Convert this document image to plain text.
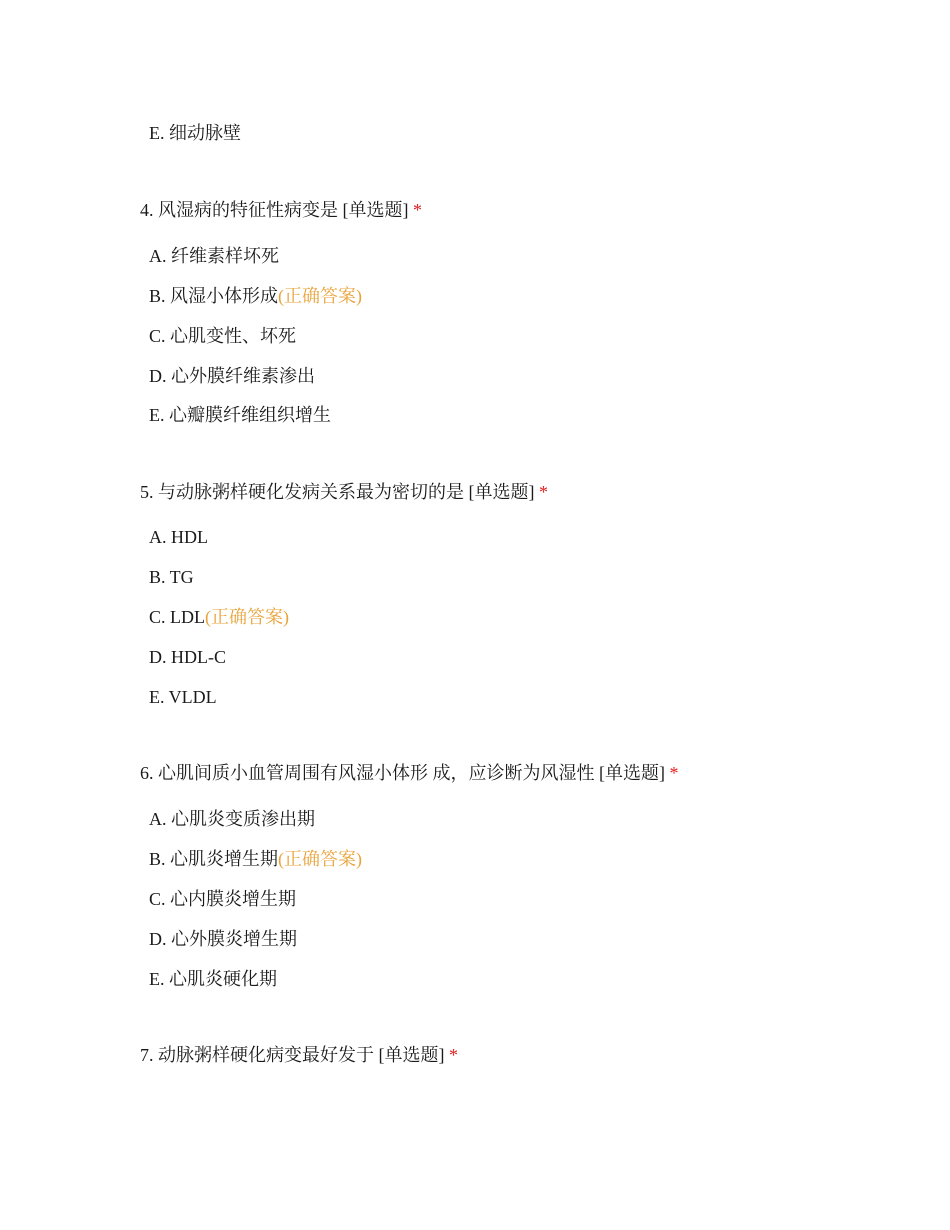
E. 细动脉壁
4. 风湿病的特征性病变是 [单选题] *
A. 纤维素样坏死
B. 风湿小体形成(正确答案)
C. 心肌变性、坏死
D. 心外膜纤维素渗出
E. 心瓣膜纤维组织增生
5. 与动脉粥样硬化发病关系最为密切的是 [单选题] *
A. HDL
B. TG
C. LDL(正确答案)
D. HDL-C
E. VLDL
6. 心肌间质小血管周围有风湿小体形 成，应诊断为风湿性 [单选题] *
A. 心肌炎变质渗出期
B. 心肌炎增生期(正确答案)
C. 心内膜炎增生期
D. 心外膜炎增生期
E. 心肌炎硬化期
7. 动脉粥样硬化病变最好发于 [单选题] *
